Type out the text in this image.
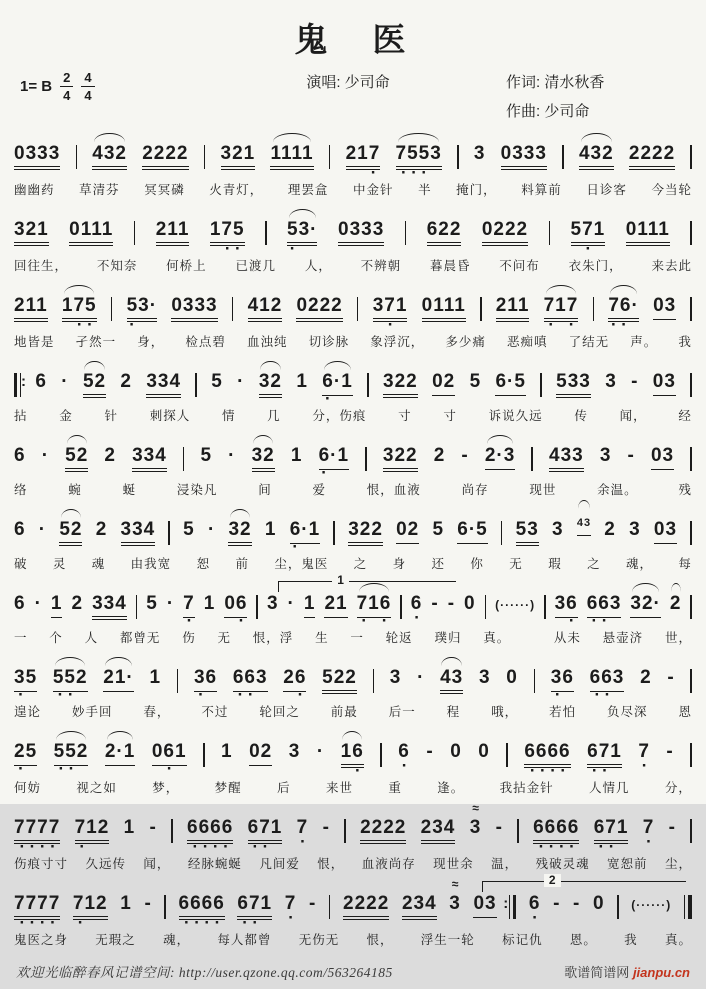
鬼　医
1= B $\frac{2}{4} \frac{4}{4}$	演唱: 少司命	作词: 清水秋香
作曲: 少司命
0333 432 2222 321 1111 217
·
7553
···
3 0333 432 2222
幽幽药 草清芬 冥冥磷 火青灯， 理罢盒 中金针 半 掩门， 料算前 日诊客 今当轮
321 0111 211 175
··
53·
·
0333 622 0222 571
·
0111
回往生， 不知奈 何桥上 已渡几 人， 不辨朝 暮晨昏 不问布 衣朱门， 来去此
211 175
··
53·
·
0333 412 0222 371
·
0111 211 717
· ·
76·
··
03
地皆是 孑然一 身， 检点碧 血浊纯 切诊脉 象浮沉， 多少痛 恶痴嗔 了结无 声。 我
:
6 · 52 2 334 5 · 32 1 6·1
·
322 02 5 6·5 533 3 - 03
拈	金	针	刺探人	情	几	分，伤痕	寸	寸	诉说久远	传	闻，	经
6 · 52 2 334 5 · 32 1 6·1
·
322 2 - 2·3 433 3 - 03
络	蜿	蜒	浸染凡	间	爱	恨，血液	尚存	现世	余温。	残
6 · 52 2 334 5 · 32 1 6·1
·
322 02 5 6·5 53 3 43 2 3 03
破 灵 魂 由我宽 恕 前 尘，鬼医 之 身 还 你 无 瑕 之 魂， 每
1
6 · 1 2 334 5 · 7
·
1 06
·
3 · 1 21 716
· ·
6
·
- - 0 (······) 36
·
663
··
32· 2
一 个 人 都曾无 伤 无 恨，浮 生 一 轮返 璞归 真。	从未 悬壶济 世，
35
·
552
··
21· 1 36
·
663
··
26
·
522 3 · 43 3 0 36
·
663
··
2 -
遑论 妙手回 春， 不过 轮回之 前最 后一 程 哦， 若怕 负尽深 恩
25
·
552
··
2·1 061
·
1 02 3 · 16
·
6
·
- 0 0 6666
····
671
··
7
·
-
何妨	视之如	梦，	梦醒	后	来世	重	逢。	我拈金针	人情几	分，
7777
····
712
·
1 - 6666
····
671
··
7
·
- 2222 234
≈
3 - 6666
····
671
··
7
·
-
伤痕寸寸 久远传 闻， 经脉蜿蜒 凡间爱 恨， 血液尚存 现世余 温， 残破灵魂 宽恕前 尘，
2
7777
····
712
·
1 - 6666
····
671
··
7
·
- 2222 234
≈
3 03 : 6
·
- - 0 (······)
鬼医之身 无瑕之 魂， 每人都曾 无伤无 恨， 浮生一轮 标记仇 恩。 我 真。
欢迎光临醉春风记谱空间: http://user.qzone.qq.com/563264185	歌谱简谱网 jianpu.cn
